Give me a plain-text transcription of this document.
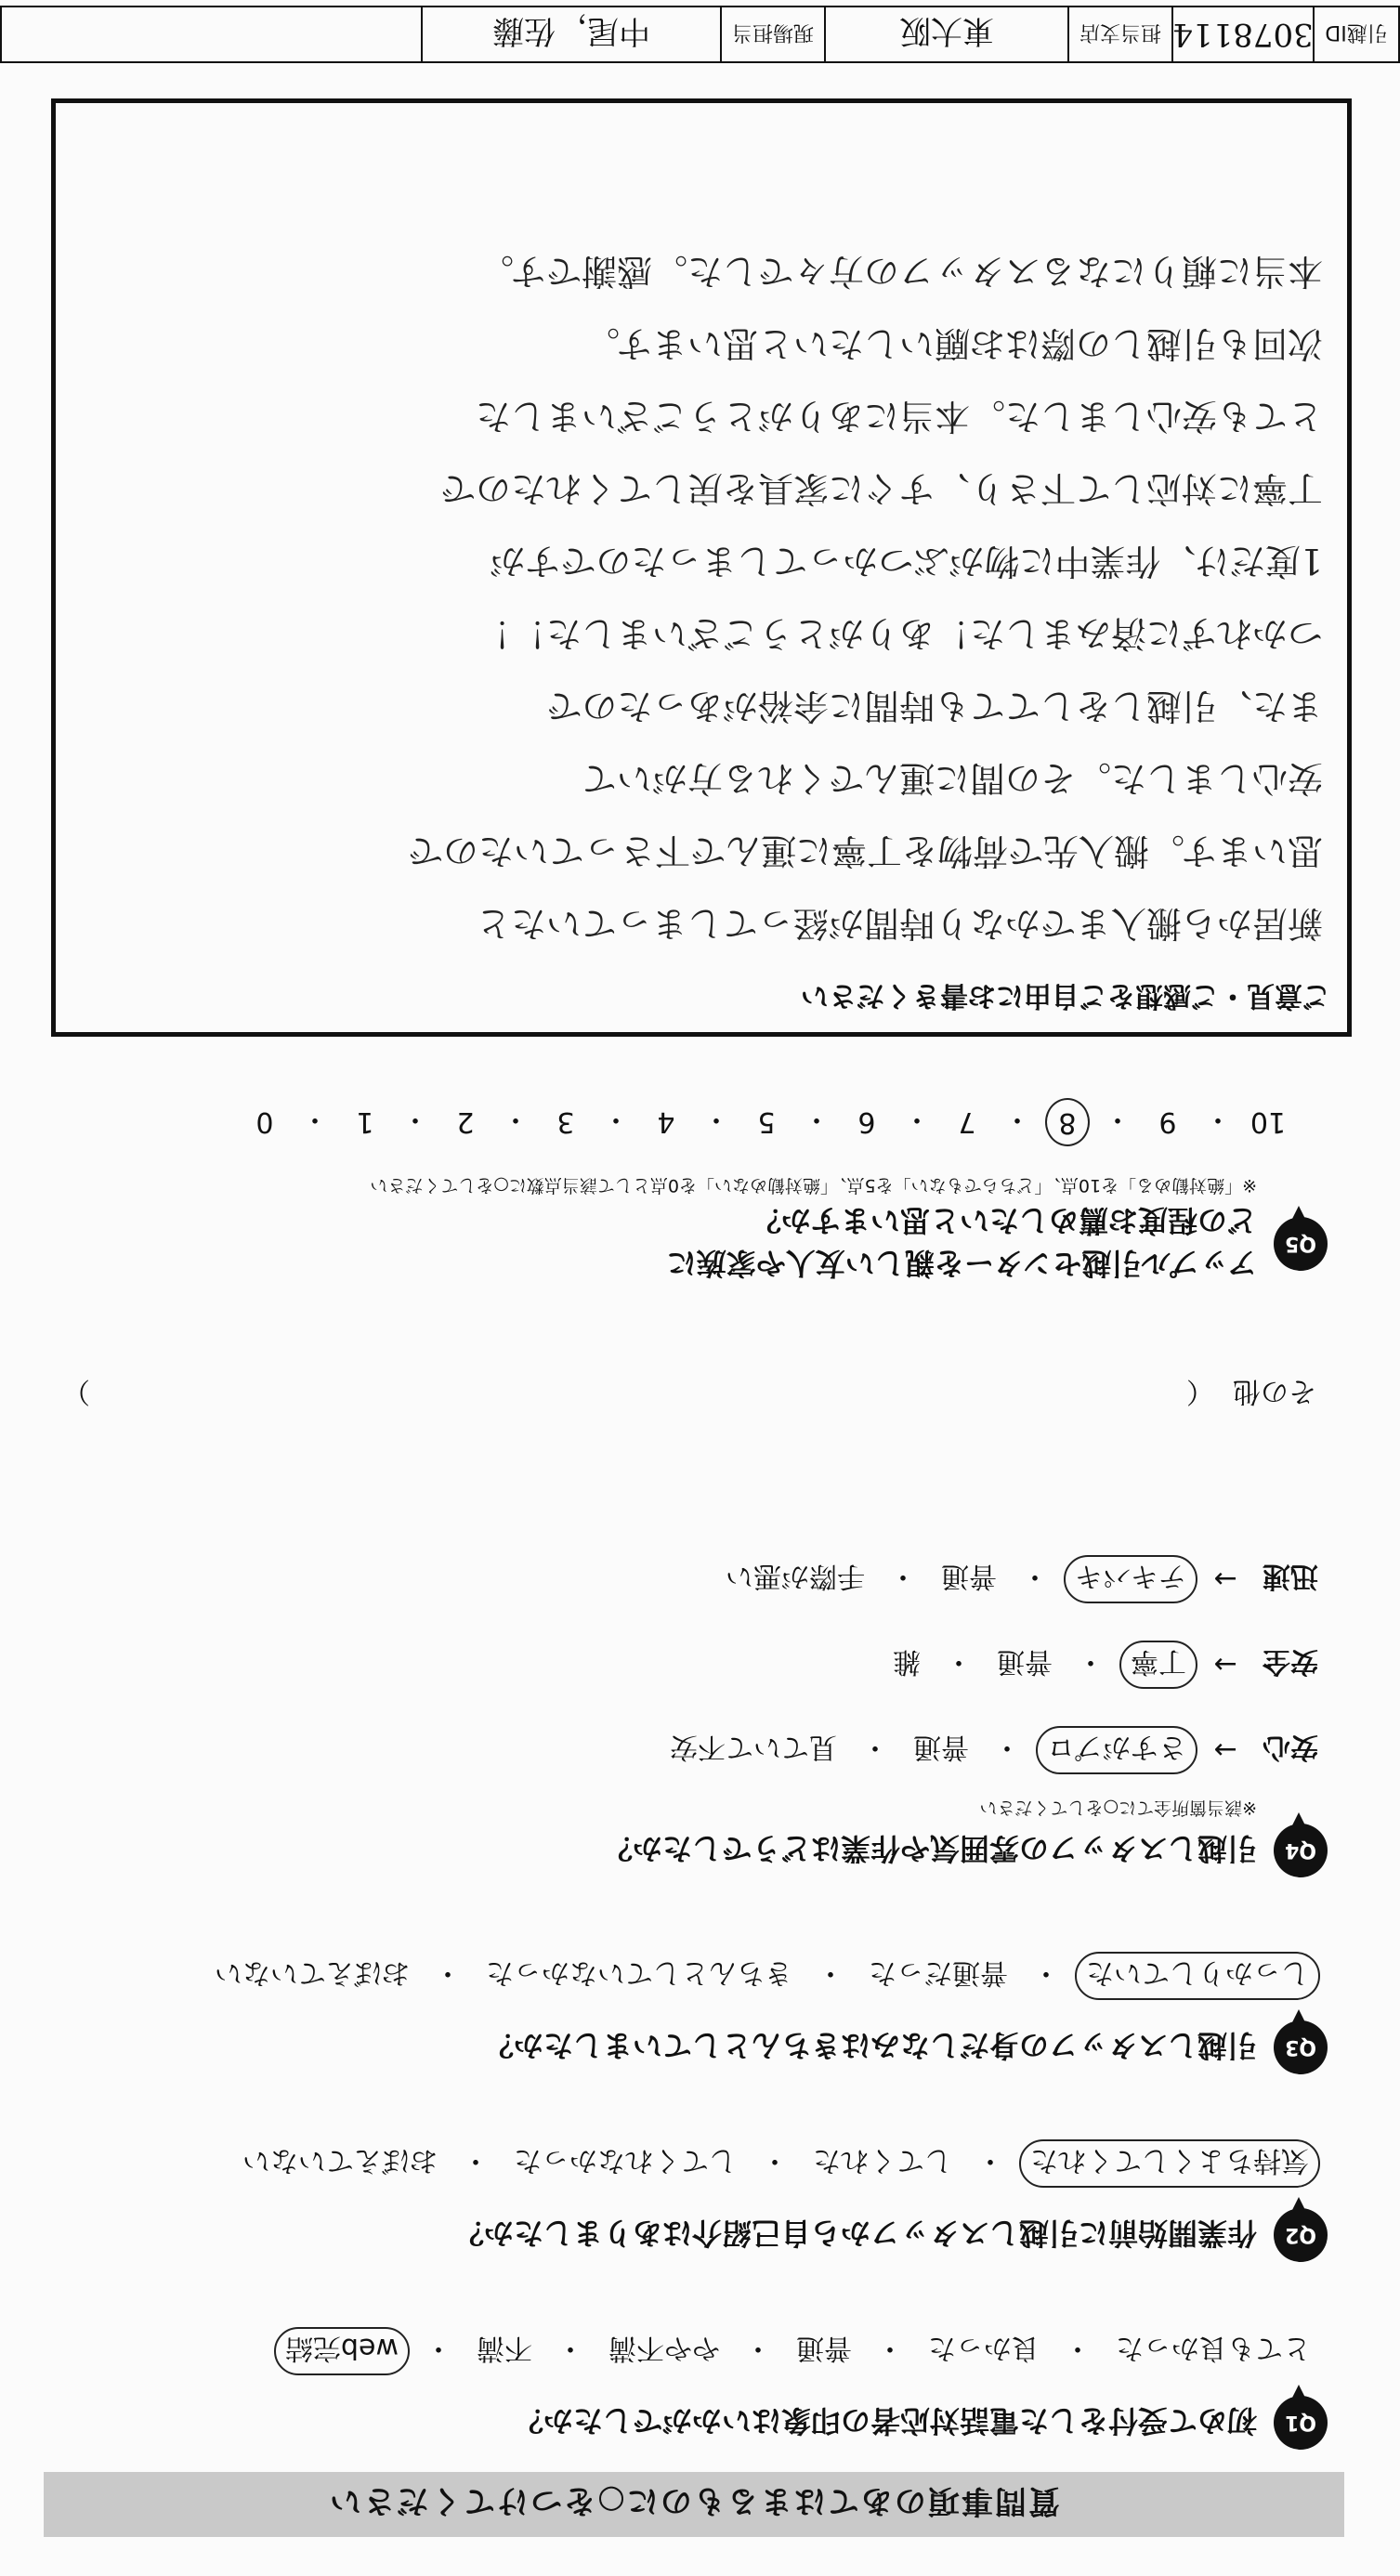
質問事項のあてはまるものに○をつけてください
Q1
初めて受付をした電話対応者の印象はいかがでしたか？
とても良かった
・
良かった
・
普通
・
やや不満
・
不満
・
web完結
Q2
作業開始前に引越しスタッフから自己紹介はありましたか？
気持ちよくしてくれた
・
してくれた
・
してくれなかった
・
おぼえていない
Q3
引越しスタッフの身だしなみはきちんとしていましたか？
しっかりしていた
・
普通だった
・
きちんとしていなかった
・
おぼえていない
Q4
引越しスタッフの雰囲気や作業はどうでしたか？
※該当箇所全てに○をしてください
安心
→
さすがプロ
・
普通
・
見ていて不安
安全
→
丁寧
・
普通
・
雑
迅速
→
テキパキ
・
普通
・
手際が悪い
その他
（
）
Q5
アップル引越センターを親しい友人や家族に
どの程度お薦めしたいと思いますか？
※「絶対勧める」を10点、「どちらでもない」を5点、「絶対勧めない」を0点として該当点数に○をしてください
10
・
9
・
8
・
7
・
6
・
5
・
4
・
3
・
2
・
1
・
0
ご意見・ご感想をご自由にお書きください
新居から搬入までかなり時間が経ってしまっていたと
思います。搬入先で荷物を丁寧に運んで下さっていたので
安心しました。その間に運んでくれる方がいて
また、引越しをしてても時間に余裕があったので
つかれずに済みました！ありがとうございました！！
1度だけ、作業中に物がぶつかってしまったのですが
丁寧に対応して下さり、すぐに家具を戻してくれたので
とても安心しました。本当にありがとうございました
次回も引越しの際はお願いしたいと思います。
本当に頼りになるスタッフの方々でした。感謝です。
引越ID
3078114
担当支店
東大阪
現場担当
中尾，佐藤
